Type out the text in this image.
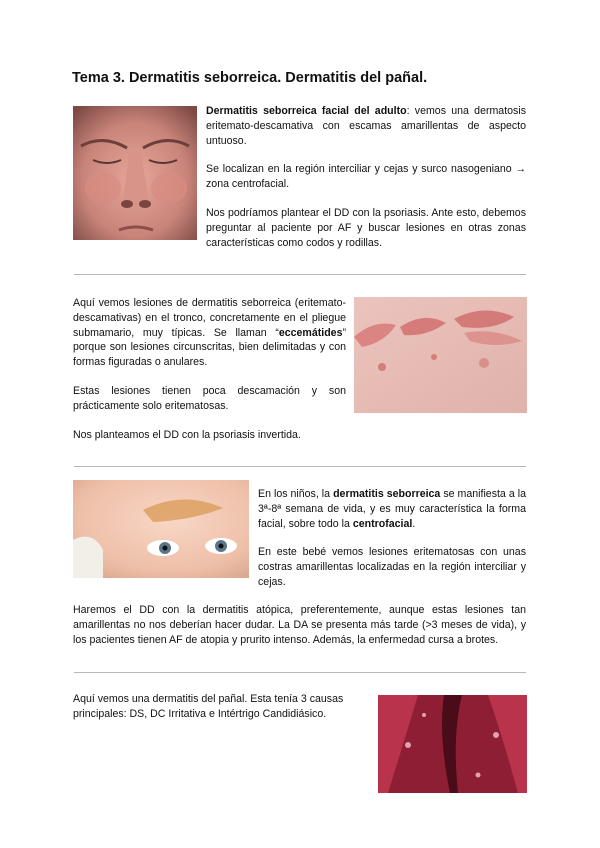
Tema 3. Dermatitis seborreica. Dermatitis del pañal.
Dermatitis seborreica facial del adulto: vemos una dermatosis eritemato-descamativa con escamas amarillentas de aspecto untuoso.
Se localizan en la región interciliar y cejas y surco nasogeniano → zona centrofacial.
Nos podríamos plantear el DD con la psoriasis. Ante esto, debemos preguntar al paciente por AF y buscar lesiones en otras zonas características como codos y rodillas.
Aquí vemos lesiones de dermatitis seborreica (eritemato-descamativas) en el tronco, concretamente en el pliegue submamario, muy típicas. Se llaman “eccemátides” porque son lesiones circunscritas, bien delimitadas y con formas figuradas o anulares.
Estas lesiones tienen poca descamación y son prácticamente solo eritematosas.
Nos planteamos el DD con la psoriasis invertida.
En los niños, la dermatitis seborreica se manifiesta a la 3ª-8ª semana de vida, y es muy característica la forma facial, sobre todo la centrofacial.
En este bebé vemos lesiones eritematosas con unas costras amarillentas localizadas en la región interciliar y cejas.
Haremos el DD con la dermatitis atópica, preferentemente, aunque estas lesiones tan amarillentas no nos deberían hacer dudar. La DA se presenta más tarde (>3 meses de vida), y los pacientes tienen AF de atopia y prurito intenso. Además, la enfermedad cursa a brotes.
Aquí vemos una dermatitis del pañal. Esta tenía 3 causas principales: DS, DC Irritativa e Intértrigo Candidiásico.
